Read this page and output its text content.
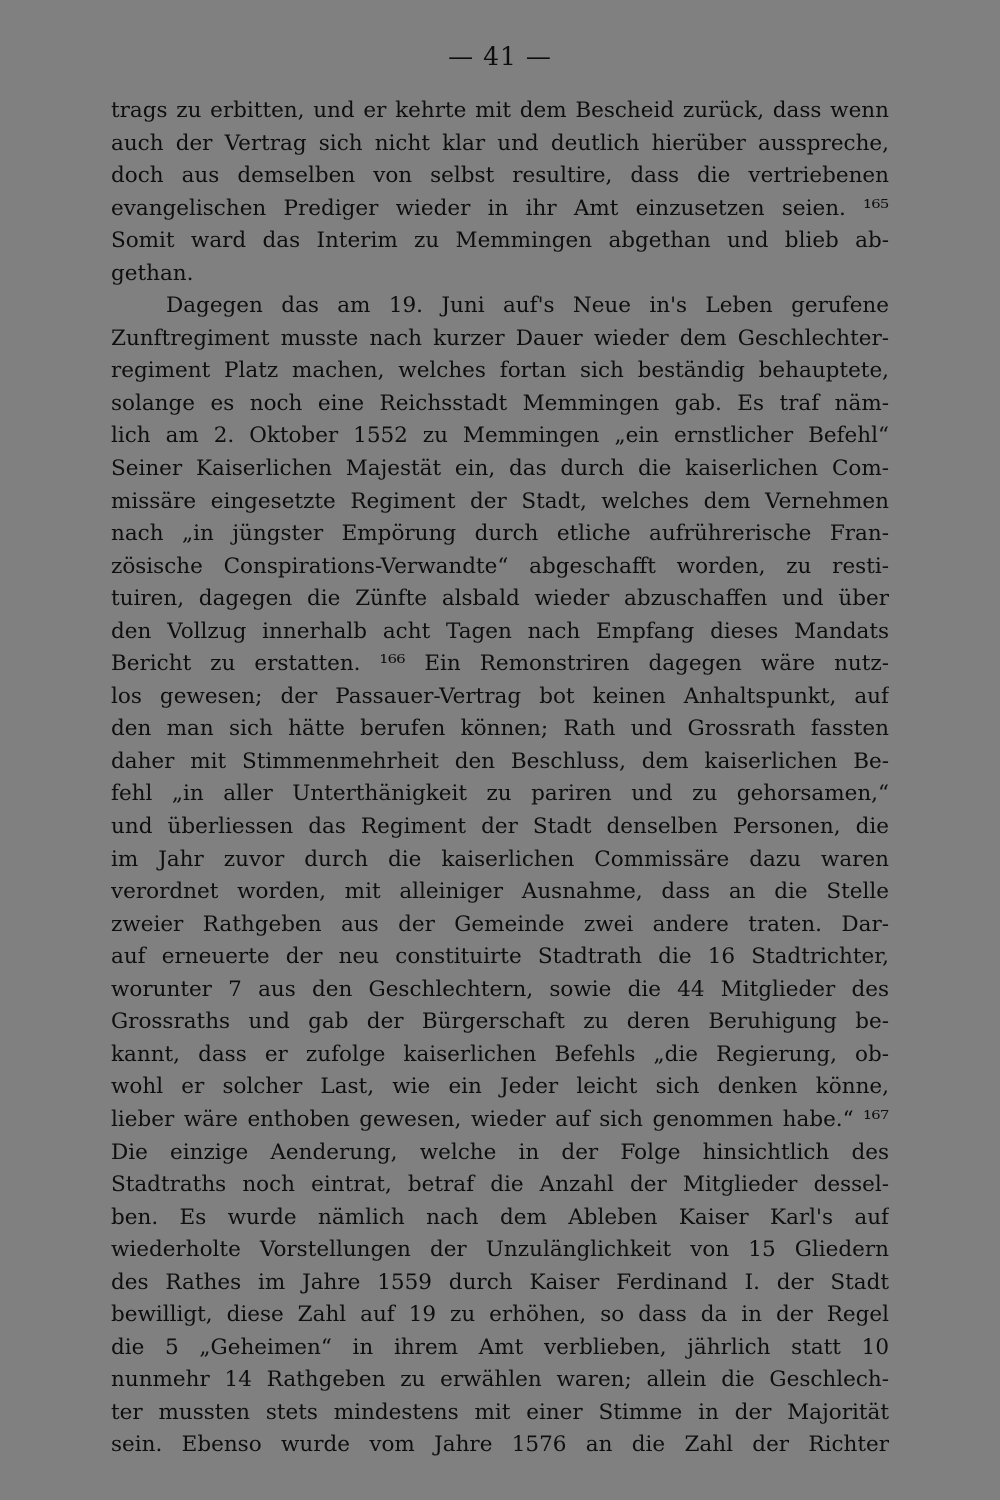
— 41 —
trags zu erbitten, und er kehrte mit dem Bescheid zurück, dass wenn
auch der Vertrag sich nicht klar und deutlich hierüber ausspreche,
doch aus demselben von selbst resultire, dass die vertriebenen
evangelischen Prediger wieder in ihr Amt einzusetzen seien. ¹⁶⁵
Somit ward das Interim zu Memmingen abgethan und blieb ab-
gethan.
Dagegen das am 19. Juni auf's Neue in's Leben gerufene
Zunftregiment musste nach kurzer Dauer wieder dem Geschlechter-
regiment Platz machen, welches fortan sich beständig behauptete,
solange es noch eine Reichsstadt Memmingen gab. Es traf näm-
lich am 2. Oktober 1552 zu Memmingen „ein ernstlicher Befehl“
Seiner Kaiserlichen Majestät ein, das durch die kaiserlichen Com-
missäre eingesetzte Regiment der Stadt, welches dem Vernehmen
nach „in jüngster Empörung durch etliche aufrührerische Fran-
zösische Conspirations-Verwandte“ abgeschafft worden, zu resti-
tuiren, dagegen die Zünfte alsbald wieder abzuschaffen und über
den Vollzug innerhalb acht Tagen nach Empfang dieses Mandats
Bericht zu erstatten. ¹⁶⁶ Ein Remonstriren dagegen wäre nutz-
los gewesen; der Passauer-Vertrag bot keinen Anhaltspunkt, auf
den man sich hätte berufen können; Rath und Grossrath fassten
daher mit Stimmenmehrheit den Beschluss, dem kaiserlichen Be-
fehl „in aller Unterthänigkeit zu pariren und zu gehorsamen,“
und überliessen das Regiment der Stadt denselben Personen, die
im Jahr zuvor durch die kaiserlichen Commissäre dazu waren
verordnet worden, mit alleiniger Ausnahme, dass an die Stelle
zweier Rathgeben aus der Gemeinde zwei andere traten. Dar-
auf erneuerte der neu constituirte Stadtrath die 16 Stadtrichter,
worunter 7 aus den Geschlechtern, sowie die 44 Mitglieder des
Grossraths und gab der Bürgerschaft zu deren Beruhigung be-
kannt, dass er zufolge kaiserlichen Befehls „die Regierung, ob-
wohl er solcher Last, wie ein Jeder leicht sich denken könne,
lieber wäre enthoben gewesen, wieder auf sich genommen habe.“ ¹⁶⁷
Die einzige Aenderung, welche in der Folge hinsichtlich des
Stadtraths noch eintrat, betraf die Anzahl der Mitglieder dessel-
ben. Es wurde nämlich nach dem Ableben Kaiser Karl's auf
wiederholte Vorstellungen der Unzulänglichkeit von 15 Gliedern
des Rathes im Jahre 1559 durch Kaiser Ferdinand I. der Stadt
bewilligt, diese Zahl auf 19 zu erhöhen, so dass da in der Regel
die 5 „Geheimen“ in ihrem Amt verblieben, jährlich statt 10
nunmehr 14 Rathgeben zu erwählen waren; allein die Geschlech-
ter mussten stets mindestens mit einer Stimme in der Majorität
sein. Ebenso wurde vom Jahre 1576 an die Zahl der Richter
